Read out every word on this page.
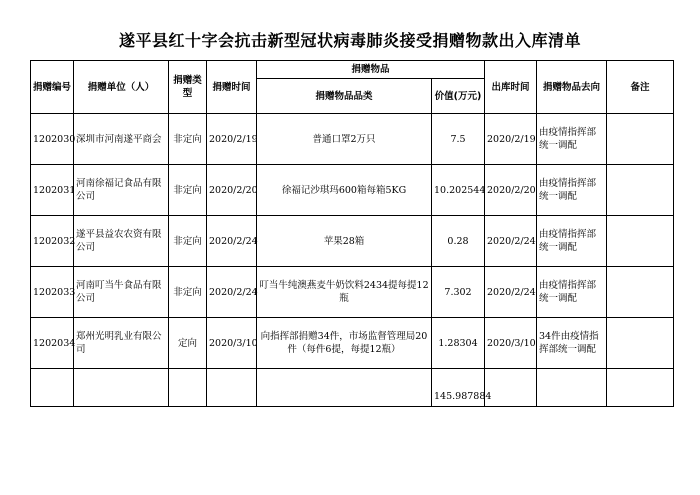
遂平县红十字会抗击新型冠状病毒肺炎接受捐赠物款出入库清单
捐赠编号	捐赠单位（人）	捐赠类型	捐赠时间	捐赠物品		出库时间	捐赠物品去向	备注
				捐赠物品品类	价值(万元)			
1202030	深圳市河南遂平商会	非定向	2020/2/19	普通口罩2万只	7.5	2020/2/19	由疫情指挥部统一调配	
1202031	河南徐福记食品有限公司	非定向	2020/2/20	徐福记沙琪玛600箱每箱5KG	10.202544	2020/2/20	由疫情指挥部统一调配	
1202032	遂平县益农农资有限公司	非定向	2020/2/24	苹果28箱	0.28	2020/2/24	由疫情指挥部统一调配	
1202033	河南叮当牛食品有限公司	非定向	2020/2/24	叮当牛纯澳燕麦牛奶饮料2434提每提12瓶	7.302	2020/2/24	由疫情指挥部统一调配	
1202034	郑州光明乳业有限公司	定向	2020/3/10	向指挥部捐赠34件，市场监督管理局20件（每件6提，每提12瓶）	1.28304	2020/3/10	34件由疫情指挥部统一调配	
					145.987884			
